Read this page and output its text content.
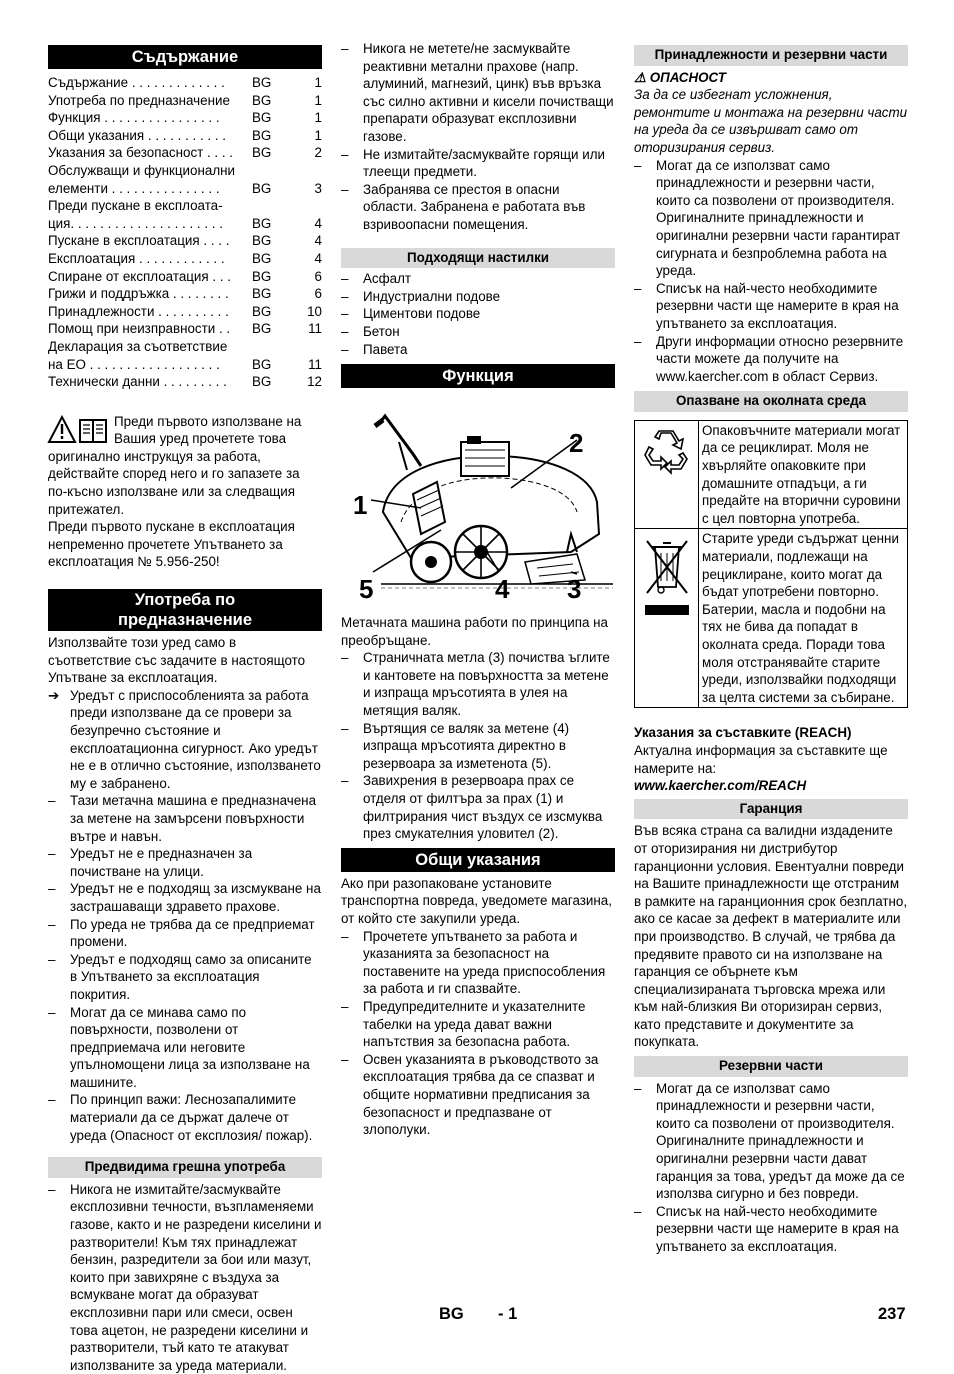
Съдържание
Съдържание . . . . . . . . . . . . .	BG	1
Употреба по предназначение	BG	1
Функция . . . . . . . . . . . . . . . .	BG	1
Общи указания . . . . . . . . . . .	BG	1
Указания за безопасност . . . .	BG	2
Обслужващи и функционални
елементи . . . . . . . . . . . . . . .	BG	3
Преди пускане в експлоата-
ция. . . . . . . . . . . . . . . . . . . . .	BG	4
Пускане в експлоатация . . . .	BG	4
Експлоатация . . . . . . . . . . . .	BG	4
Спиране от експлоатация . . .	BG	6
Грижи и поддръжка . . . . . . . .	BG	6
Принадлежности . . . . . . . . . .	BG	10
Помощ при неизправности . .	BG	11
Декларация за съответствие
на ЕО . . . . . . . . . . . . . . . . . .	BG	11
Технически данни . . . . . . . . .	BG	12

Преди първото използване на Вашия уред прочетете това оригинално инструкцуя за работа, действайте според него и го запазете за по-късно използване или за следващия притежател.

Преди първото пускане в експлоатация непременно прочетете Упътването за експлоатация № 5.956-250!

Употреба по предназначение

Използвайте този уред само в съответствие със задачите в настоящото Упътване за експлоатация.

➔ Уредът с приспособленията за работа преди използване да се провери за безупречно състояние и експлоатационна сигурност. Ако уредът не е в отлично състояние, използването му е забранено.
– Тази метачна машина е предназначена за метене на замърсени повърхности вътре и навън.
– Уредът не е предназначен за почистване на улици.
– Уредът не е подходящ за изсмукване на застрашаващи здравето прахове.
– По уреда не трябва да се предприемат промени.
– Уредът е подходящ само за описаните в Упътването за експлоатация покрития.
– Могат да се минава само по повърхности, позволени от предприемача или неговите упълномощени лица за използване на машините.
– По принцип важи: Леснозапалимите материали да се държат далече от уреда (Опасност от експлозия/ пожар).
Предвидима грешна употреба
– Никога не измитайте/засмуквайте експлозивни течности, възпламеняеми газове, както и не разредени киселини и разтворители! Към тях принадлежат бензин, разредители за бои или мазут, които при завихряне с въздуха за всмукване могат да образуват експлозивни пари или смеси, освен това ацетон, не разредени киселини и разтворители, тъй като те атакуват използваните за уреда материали.
– Никога не метете/не засмуквайте реактивни метални прахове (напр. алуминий, магнезий, цинк) във връзка със силно активни и кисели почистващи препарати образуват експлозивни газове.
– Не измитайте/засмуквайте горящи или тлеещи предмети.
– Забранява се престоя в опасни области. Забранена е работата във взривоопасни помещения.
Подходящи настилки
– Асфалт
– Индустриални подове
– Циментови подове
– Бетон
– Павета
Функция
1
2
3
4
5

Метачната машина работи по принципа на преобръщане.

– Страничната метла (3) почиства ъглите и кантовете на повърхността за метене и изпраща мръсотията в улея на метящия валяк.
– Въртящия се валяк за метене (4) изпраща мръсотията директно в резервоара за изметенота (5).
– Завихрения в резервоара прах се отделя от филтъра за прах (1) и филтрирания чист въздух се изсмуква през смукателния уловител (2).
Общи указания

Ако при разопаковане установите транспортна повреда, уведомете магазина, от който сте закупили уреда.

– Прочетете упътването за работа и указанията за безопасност на поставените на уреда приспособления за работа и ги спазвайте.
– Предупредителните и указателните табелки на уреда дават важни напътствия за безопасна работа.
– Освен указанията в ръководството за експлоатация трябва да се спазват и общите нормативни предписания за безопасност и предпазване от злополуки.
Принадлежности и резервни части
⚠ ОПАСНОСТ

За да се избегнат усложнения, ремонтите и монтажа на резервни части на уреда да се извършват само от оторизирания сервиз.

– Могат да се използват само принадлежности и резервни части, които са позволени от производителя. Оригиналните принадлежности и оригинални резервни части гарантират сигурната и безпроблемна работа на уреда.
– Списък на най-често необходимите резервни части ще намерите в края на упътването за експлоатация.
– Други информации относно резервните части можете да получите на www.kaercher.com в област Сервиз.
Опазване на околната среда
	Опаковъчните материали могат да се рециклират. Моля не хвърляйте опаковките при домашните отпадъци, а ги предайте на вторични суровини с цел повторна употреба.
	Старите уреди съдържат ценни материали, подлежащи на рециклиране, които могат да бъдат употребени повторно. Батерии, масла и подобни на тях не бива да попадат в околната среда. Поради това моля отстранявайте старите уреди, използвайки подходящи за целта системи за събиране.
Указания за съставките (REACH)

Актуална информация за съставките ще намерите на:

www.kaercher.com/REACH
Гаранция

Във всяка страна са валидни издадените от оторизирания ни дистрибутор гаранционни условия. Евентуални повреди на Вашите принадлежности ще отстраним в рамките на гаранционния срок безплатно, ако се касае за дефект в материалите или при производство. В случай, че трябва да предявите правото си на използване на гаранция се обърнете към специализираната търговска мрежа или към най-близкия Ви оторизиран сервиз, като представите и документите за покупката.

Резервни части
– Могат да се използват само принадлежности и резервни части, които са позволени от производителя. Оригиналните принадлежности и оригинални резервни части дават гаранция за това, уредът да може да се използва сигурно и без повреди.
– Списък на най-често необходимите резервни части ще намерите в края на упътването за експлоатация.
BG - 1	237
